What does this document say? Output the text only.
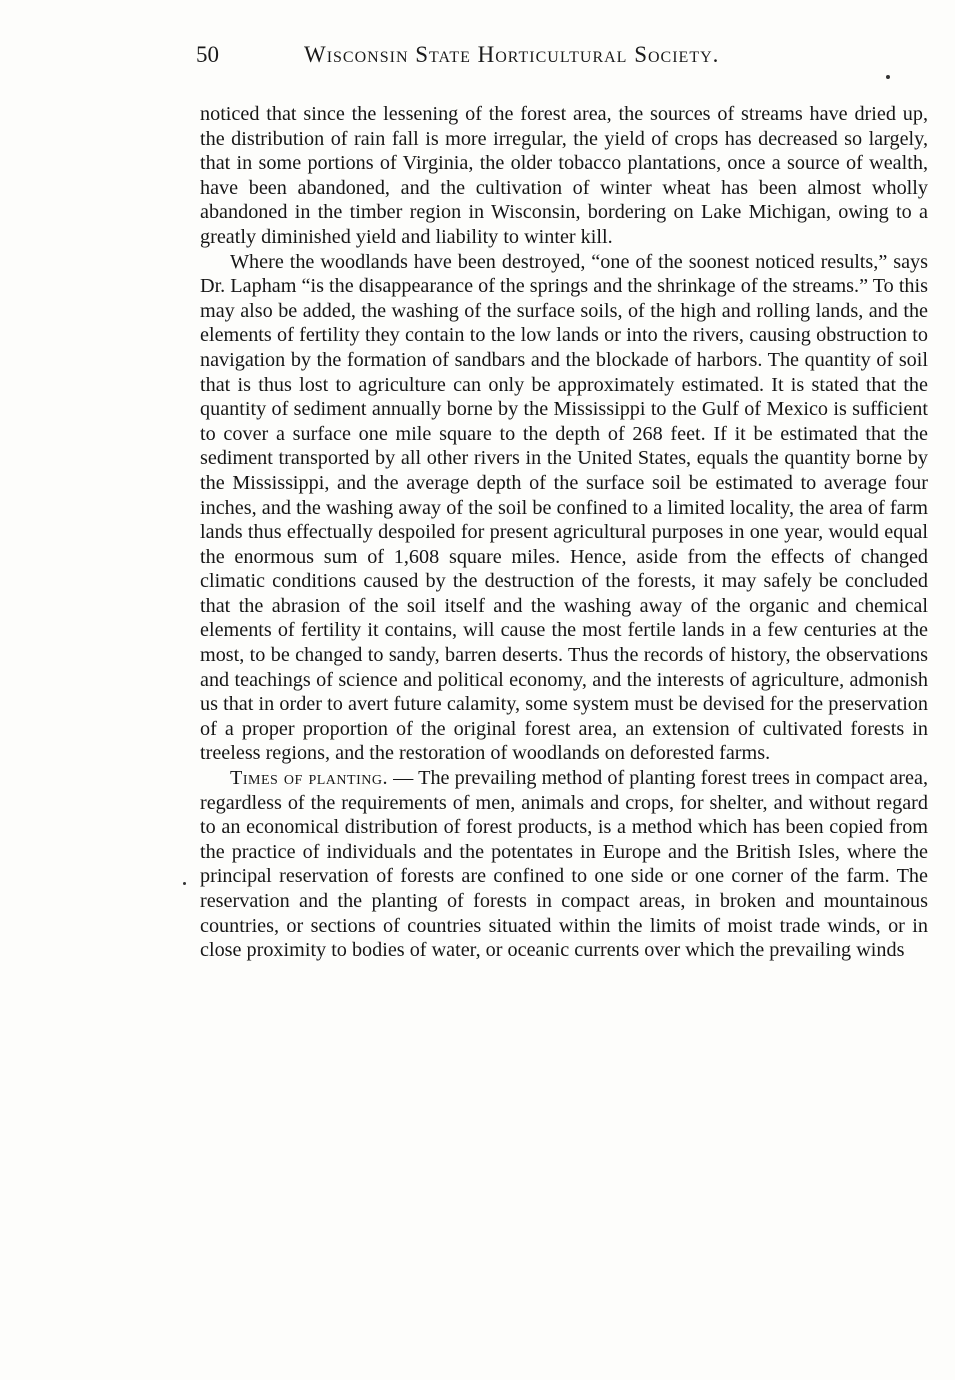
50	Wisconsin State Horticultural Society.

noticed that since the lessening of the forest area, the sources of streams have dried up, the distribution of rain fall is more irregular, the yield of crops has decreased so largely, that in some portions of Virginia, the older tobacco plantations, once a source of wealth, have been abandoned, and the cultivation of winter wheat has been almost wholly abandoned in the timber region in Wisconsin, bordering on Lake Michigan, owing to a greatly diminished yield and liability to winter kill.

Where the woodlands have been destroyed, “one of the soonest noticed results,” says Dr. Lapham “is the disappearance of the springs and the shrinkage of the streams.” To this may also be added, the washing of the surface soils, of the high and rolling lands, and the elements of fertility they contain to the low lands or into the rivers, causing obstruction to navigation by the formation of sandbars and the blockade of harbors. The quantity of soil that is thus lost to agriculture can only be approximately estimated. It is stated that the quantity of sediment annually borne by the Mississippi to the Gulf of Mexico is sufficient to cover a surface one mile square to the depth of 268 feet. If it be estimated that the sediment transported by all other rivers in the United States, equals the quantity borne by the Mississippi, and the average depth of the surface soil be estimated to average four inches, and the washing away of the soil be confined to a limited locality, the area of farm lands thus effectually despoiled for present agricultural purposes in one year, would equal the enormous sum of 1,608 square miles. Hence, aside from the effects of changed climatic conditions caused by the destruction of the forests, it may safely be concluded that the abrasion of the soil itself and the washing away of the organic and chemical elements of fertility it contains, will cause the most fertile lands in a few centuries at the most, to be changed to sandy, barren deserts. Thus the records of history, the observations and teachings of science and political economy, and the interests of agriculture, admonish us that in order to avert future calamity, some system must be devised for the preservation of a proper proportion of the original forest area, an extension of cultivated forests in treeless regions, and the restoration of woodlands on deforested farms.

Times of planting. — The prevailing method of planting forest trees in compact area, regardless of the requirements of men, animals and crops, for shelter, and without regard to an economical distribution of forest products, is a method which has been copied from the practice of individuals and the potentates in Europe and the British Isles, where the principal reservation of forests are confined to one side or one corner of the farm. The reservation and the planting of forests in compact areas, in broken and mountainous countries, or sections of countries situated within the limits of moist trade winds, or in close proximity to bodies of water, or oceanic currents over which the prevailing winds
